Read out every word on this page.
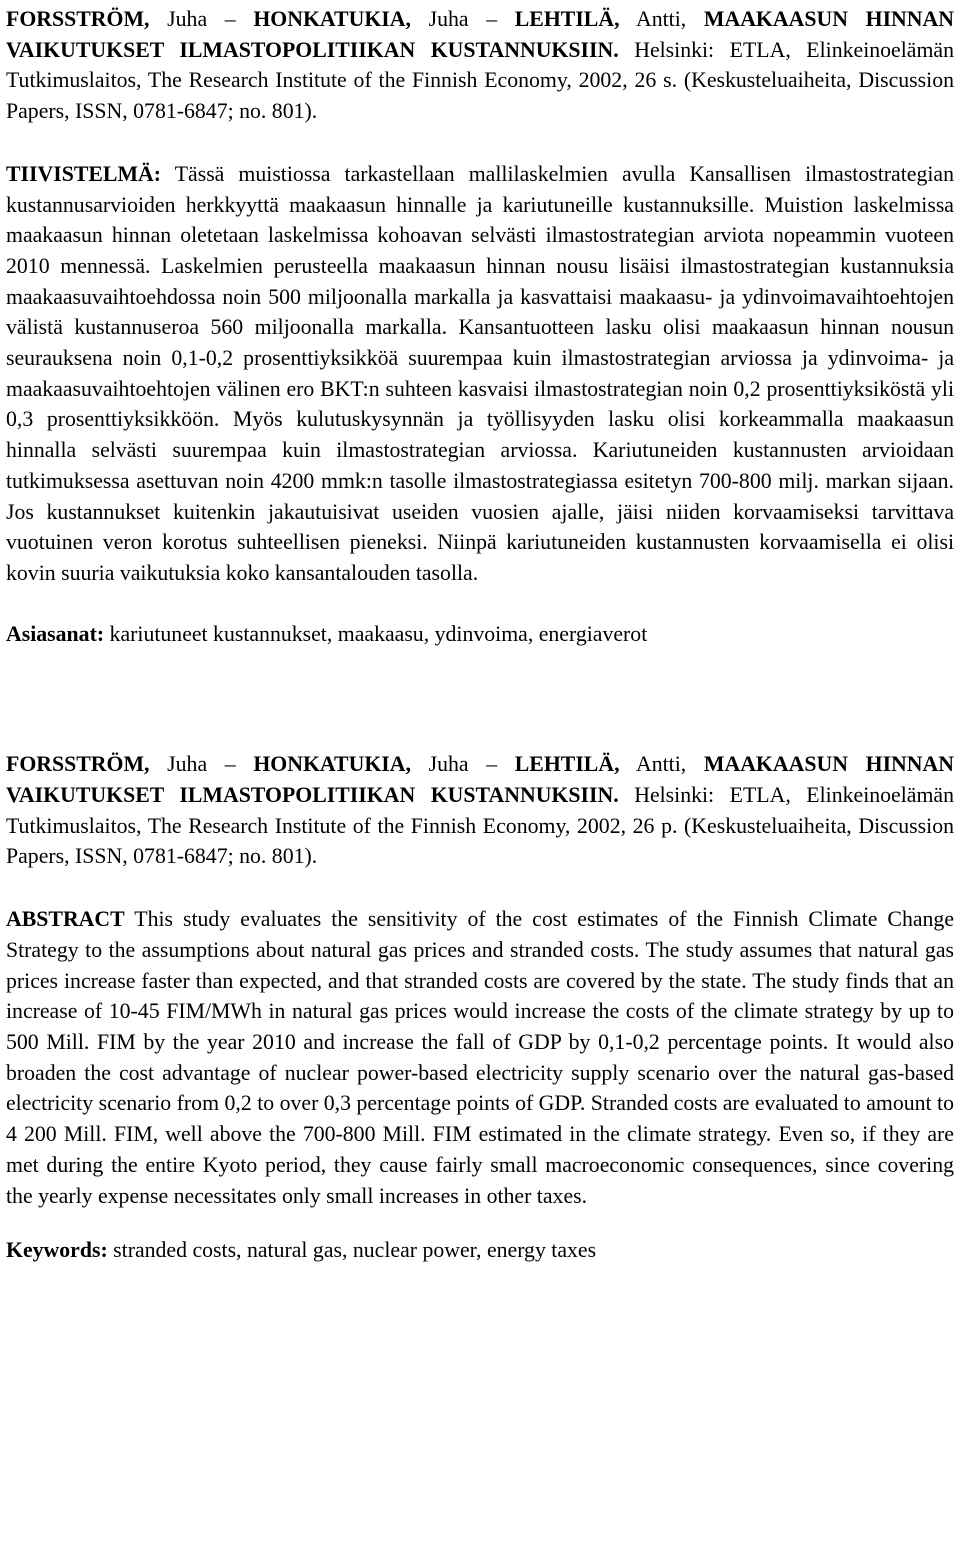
FORSSTRÖM, Juha – HONKATUKIA, Juha – LEHTILÄ, Antti, MAAKAASUN HINNAN VAIKUTUKSET ILMASTOPOLITIIKAN KUSTANNUKSIIN. Helsinki: ETLA, Elinkeinoelämän Tutkimuslaitos, The Research Institute of the Finnish Economy, 2002, 26 s. (Keskusteluaiheita, Discussion Papers, ISSN, 0781-6847; no. 801).
TIIVISTELMÄ: Tässä muistiossa tarkastellaan mallilaskelmien avulla Kansallisen ilmastostrategian kustannusarvioiden herkkyyttä maakaasun hinnalle ja kariutuneille kustannuksille. Muistion laskelmissa maakaasun hinnan oletetaan laskelmissa kohoavan selvästi ilmastostrategian arviota nopeammin vuoteen 2010 mennessä. Laskelmien perusteella maakaasun hinnan nousu lisäisi ilmastostrategian kustannuksia maakaasuvaihtoehdossa noin 500 miljoonalla markalla ja kasvattaisi maakaasu- ja ydinvoimavaihtoehtojen välistä kustannuseroa 560 miljoonalla markalla. Kansantuotteen lasku olisi maakaasun hinnan nousun seurauksena noin 0,1-0,2 prosenttiyksikköä suurempaa kuin ilmastostrategian arviossa ja ydinvoima- ja maakaasuvaihtoehtojen välinen ero BKT:n suhteen kasvaisi ilmastostrategian noin 0,2 prosenttiyksiköstä yli 0,3 prosenttiyksikköön. Myös kulutuskysynnän ja työllisyyden lasku olisi korkeammalla maakaasun hinnalla selvästi suurempaa kuin ilmastostrategian arviossa. Kariutuneiden kustannusten arvioidaan tutkimuksessa asettuvan noin 4200 mmk:n tasolle ilmastostrategiassa esitetyn 700-800 milj. markan sijaan. Jos kustannukset kuitenkin jakautuisivat useiden vuosien ajalle, jäisi niiden korvaamiseksi tarvittava vuotuinen veron korotus suhteellisen pieneksi. Niinpä kariutuneiden kustannusten korvaamisella ei olisi kovin suuria vaikutuksia koko kansantalouden tasolla.
Asiasanat: kariutuneet kustannukset, maakaasu, ydinvoima, energiaverot
FORSSTRÖM, Juha – HONKATUKIA, Juha – LEHTILÄ, Antti, MAAKAASUN HINNAN VAIKUTUKSET ILMASTOPOLITIIKAN KUSTANNUKSIIN. Helsinki: ETLA, Elinkeinoelämän Tutkimuslaitos, The Research Institute of the Finnish Economy, 2002, 26 p. (Keskusteluaiheita, Discussion Papers, ISSN, 0781-6847; no. 801).
ABSTRACT This study evaluates the sensitivity of the cost estimates of the Finnish Climate Change Strategy to the assumptions about natural gas prices and stranded costs. The study assumes that natural gas prices increase faster than expected, and that stranded costs are covered by the state. The study finds that an increase of 10-45 FIM/MWh in natural gas prices would increase the costs of the climate strategy by up to 500 Mill. FIM by the year 2010 and increase the fall of GDP by 0,1-0,2 percentage points. It would also broaden the cost advantage of nuclear power-based electricity supply scenario over the natural gas-based electricity scenario from 0,2 to over 0,3 percentage points of GDP. Stranded costs are evaluated to amount to 4 200 Mill. FIM, well above the 700-800 Mill. FIM estimated in the climate strategy. Even so, if they are met during the entire Kyoto period, they cause fairly small macroeconomic consequences, since covering the yearly expense necessitates only small increases in other taxes.
Keywords: stranded costs, natural gas, nuclear power, energy taxes
